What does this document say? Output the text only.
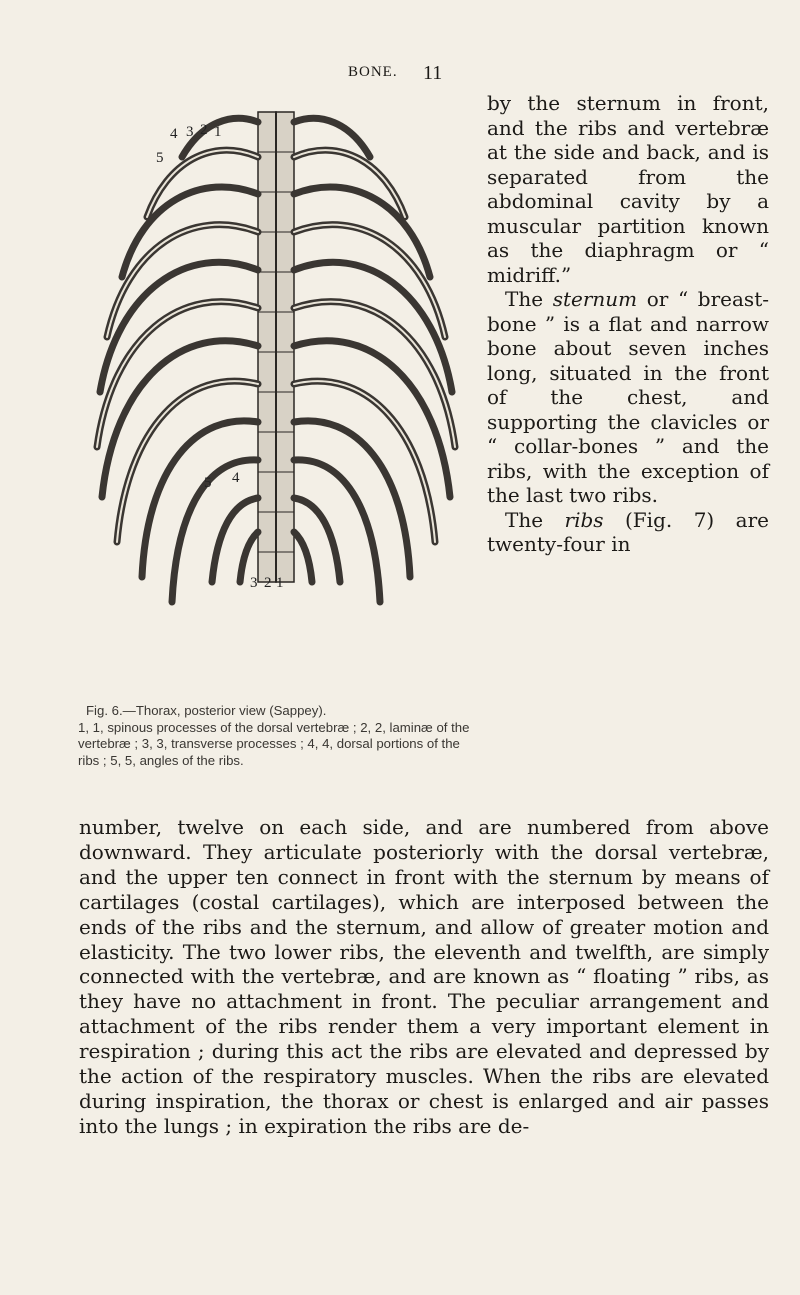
BONE. 11
4 3 2 1
5
5 4
3 2 1
Fig. 6.—Thorax, posterior view (Sappey).
1, 1, spinous processes of the dorsal vertebræ ; 2, 2, laminæ of the vertebræ ; 3, 3, transverse processes ; 4, 4, dorsal portions of the ribs ; 5, 5, angles of the ribs.

by the sternum in front, and the ribs and vertebræ at the side and back, and is separated from the abdominal cavity by a muscular partition known as the diaphragm or “ midriff.”

The sternum or “ breast-bone ” is a flat and narrow bone about seven inches long, situated in the front of the chest, and supporting the clavicles or “ collar-bones ” and the ribs, with the exception of the last two ribs.

The ribs (Fig. 7) are twenty-four in

number, twelve on each side, and are numbered from above downward. They articulate posteriorly with the dorsal vertebræ, and the upper ten connect in front with the sternum by means of cartilages (costal cartilages), which are interposed between the ends of the ribs and the sternum, and allow of greater motion and elasticity. The two lower ribs, the eleventh and twelfth, are simply connected with the vertebræ, and are known as “ floating ” ribs, as they have no attachment in front. The peculiar arrangement and attachment of the ribs render them a very important element in respiration ; during this act the ribs are elevated and depressed by the action of the respiratory muscles. When the ribs are elevated during inspiration, the thorax or chest is enlarged and air passes into the lungs ; in expiration the ribs are de-
